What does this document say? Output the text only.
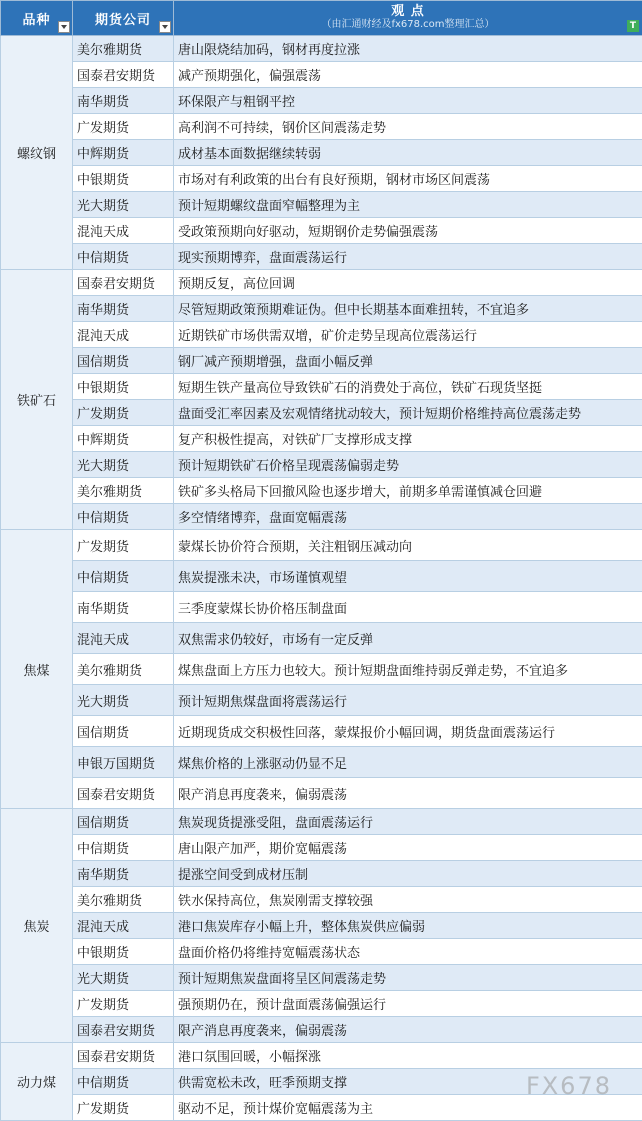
品种	期货公司	观 点
（由汇通财经及fx678.com整理汇总） T

螺纹钢	美尔雅期货	唐山限烧结加码，钢材再度拉涨
	国泰君安期货	减产预期强化，偏强震荡
	南华期货	环保限产与粗钢平控
	广发期货	高利润不可持续，钢价区间震荡走势
	中辉期货	成材基本面数据继续转弱
	中银期货	市场对有利政策的出台有良好预期，钢材市场区间震荡
	光大期货	预计短期螺纹盘面窄幅整理为主
	混沌天成	受政策预期向好驱动，短期钢价走势偏强震荡
	中信期货	现实预期博弈，盘面震荡运行
铁矿石	国泰君安期货	预期反复，高位回调
	南华期货	尽管短期政策预期难证伪。但中长期基本面难扭转，不宜追多
	混沌天成	近期铁矿市场供需双增，矿价走势呈现高位震荡运行
	国信期货	钢厂减产预期增强，盘面小幅反弹
	中银期货	短期生铁产量高位导致铁矿石的消费处于高位，铁矿石现货坚挺
	广发期货	盘面受汇率因素及宏观情绪扰动较大，预计短期价格维持高位震荡走势
	中辉期货	复产积极性提高，对铁矿厂支撑形成支撑
	光大期货	预计短期铁矿石价格呈现震荡偏弱走势
	美尔雅期货	铁矿多头格局下回撤风险也逐步增大，前期多单需谨慎减仓回避
	中信期货	多空情绪博弈，盘面宽幅震荡
焦煤	广发期货	蒙煤长协价符合预期，关注粗钢压减动向
	中信期货	焦炭提涨未决，市场谨慎观望
	南华期货	三季度蒙煤长协价格压制盘面
	混沌天成	双焦需求仍较好，市场有一定反弹
	美尔雅期货	煤焦盘面上方压力也较大。预计短期盘面维持弱反弹走势，不宜追多
	光大期货	预计短期焦煤盘面将震荡运行
	国信期货	近期现货成交积极性回落，蒙煤报价小幅回调，期货盘面震荡运行
	申银万国期货	煤焦价格的上涨驱动仍显不足
	国泰君安期货	限产消息再度袭来，偏弱震荡
焦炭	国信期货	焦炭现货提涨受阻，盘面震荡运行
	中信期货	唐山限产加严，期价宽幅震荡
	南华期货	提涨空间受到成材压制
	美尔雅期货	铁水保持高位，焦炭刚需支撑较强
	混沌天成	港口焦炭库存小幅上升，整体焦炭供应偏弱
	中银期货	盘面价格仍将维持宽幅震荡状态
	光大期货	预计短期焦炭盘面将呈区间震荡走势
	广发期货	强预期仍在，预计盘面震荡偏强运行
	国泰君安期货	限产消息再度袭来，偏弱震荡
动力煤	国泰君安期货	港口氛围回暖，小幅探涨
	中信期货	供需宽松未改，旺季预期支撑
	广发期货	驱动不足，预计煤价宽幅震荡为主
FX678
